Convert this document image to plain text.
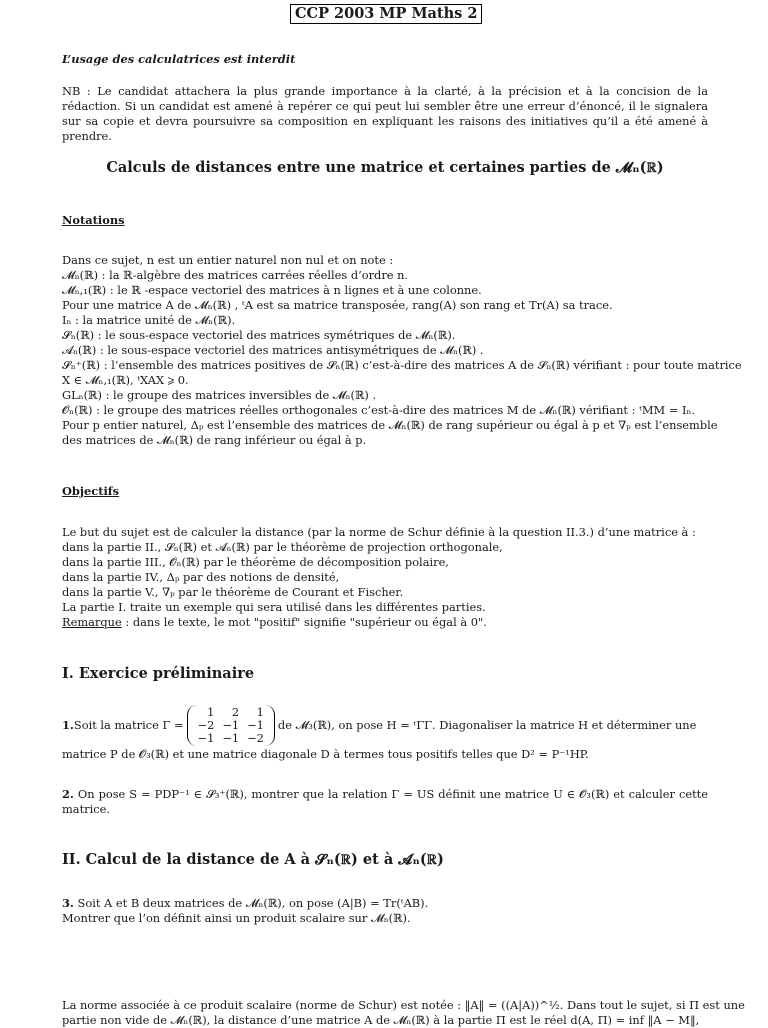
CCP 2003 MP Maths 2
L’usage des calculatrices est interdit
NB : Le candidat attachera la plus grande importance à la clarté, à la précision et à la concision de la rédaction. Si un candidat est amené à repérer ce qui peut lui sembler être une erreur d’énoncé, il le signalera sur sa copie et devra poursuivre sa composition en expliquant les raisons des initiatives qu’il a été amené à prendre.
Calculs de distances entre une matrice et certaines parties de 𝓜ₙ(ℝ)
Notations
Dans ce sujet, n est un entier naturel non nul et on note :
𝓜ₙ(ℝ) : la ℝ-algèbre des matrices carrées réelles d’ordre n.
𝓜ₙ,₁(ℝ) : le ℝ -espace vectoriel des matrices à n lignes et à une colonne.
Pour une matrice A de 𝓜ₙ(ℝ) , ᵗA est sa matrice transposée, rang(A) son rang et Tr(A) sa trace.
Iₙ : la matrice unité de 𝓜ₙ(ℝ).
𝓢ₙ(ℝ) : le sous-espace vectoriel des matrices symétriques de 𝓜ₙ(ℝ).
𝓐ₙ(ℝ) : le sous-espace vectoriel des matrices antisymétriques de 𝓜ₙ(ℝ) .
𝓢ₙ⁺(ℝ) : l’ensemble des matrices positives de 𝓢ₙ(ℝ) c’est-à-dire des matrices A de 𝓢ₙ(ℝ) vérifiant : pour toute matrice
X ∈ 𝓜ₙ,₁(ℝ), ᵗXAX ⩾ 0.
GLₙ(ℝ) : le groupe des matrices inversibles de 𝓜ₙ(ℝ) .
𝓞ₙ(ℝ) : le groupe des matrices réelles orthogonales c’est-à-dire des matrices M de 𝓜ₙ(ℝ) vérifiant : ᵗMM = Iₙ.
Pour p entier naturel, Δₚ est l’ensemble des matrices de 𝓜ₙ(ℝ) de rang supérieur ou égal à p et ∇ₚ est l’ensemble
des matrices de 𝓜ₙ(ℝ) de rang inférieur ou égal à p.
Objectifs
Le but du sujet est de calculer la distance (par la norme de Schur définie à la question II.3.) d’une matrice à :
dans la partie II., 𝓢ₙ(ℝ) et 𝓐ₙ(ℝ) par le théorème de projection orthogonale,
dans la partie III., 𝓞ₙ(ℝ) par le théorème de décomposition polaire,
dans la partie IV., Δₚ par des notions de densité,
dans la partie V., ∇ₚ par le théorème de Courant et Fischer.
La partie I. traite un exemple qui sera utilisé dans les différentes parties.
Remarque : dans le texte, le mot "positif" signifie "supérieur ou égal à 0".
I. Exercice préliminaire
1. Soit la matrice Γ =
1	2	1
−2	−1	−1
−1	−1	−2
de 𝓜₃(ℝ), on pose H = ᵗΓΓ. Diagonaliser la matrice H et déterminer une
matrice P de 𝓞₃(ℝ) et une matrice diagonale D à termes tous positifs telles que D² = P⁻¹HP.
2. On pose S = PDP⁻¹ ∈ 𝓢₃⁺(ℝ), montrer que la relation Γ = US définit une matrice U ∈ 𝓞₃(ℝ) et calculer cette matrice.
II. Calcul de la distance de A à 𝓢ₙ(ℝ) et à 𝓐ₙ(ℝ)
3. Soit A et B deux matrices de 𝓜ₙ(ℝ), on pose (A|B) = Tr(ᵗAB).
Montrer que l’on définit ainsi un produit scalaire sur 𝓜ₙ(ℝ).
La norme associée à ce produit scalaire (norme de Schur) est notée : ‖A‖ = ((A|A))^½. Dans tout le sujet, si Π est une
partie non vide de 𝓜ₙ(ℝ), la distance d’une matrice A de 𝓜ₙ(ℝ) à la partie Π est le réel d(A, Π) = inf ‖A − M‖,
